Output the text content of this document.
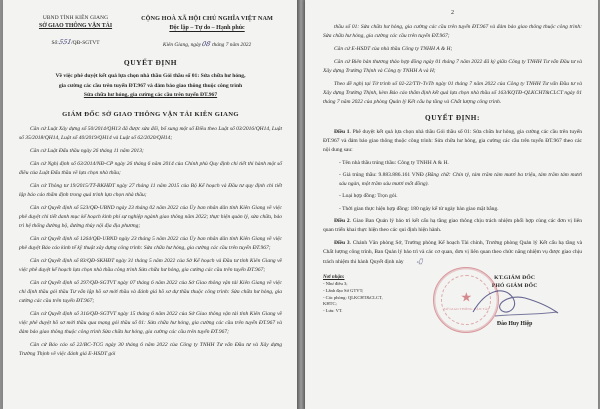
UBND TỈNH KIÊN GIANG
SỞ GIAO THÔNG VẬN TẢI
Số:551/QĐ-SGTVT
CỘNG HOÀ XÃ HỘI CHỦ NGHĨA VIỆT NAM
Độc lập – Tự do – Hạnh phúc
Kiên Giang, ngày 08 tháng 7 năm 2022
QUYẾT ĐỊNH
Về việc phê duyệt kết quả lựa chọn nhà thầu Gói thầu số 01: Sửa chữa hư hỏng,
gia cường các cầu trên tuyến ĐT.967 và đảm bảo giao thông thuộc công trình
Sửa chữa hư hỏng, gia cường các cầu trên tuyến ĐT.967
GIÁM ĐỐC SỞ GIAO THÔNG VẬN TẢI KIÊN GIANG

Căn cứ Luật Xây dựng số 50/2014/QH13 đã được sửa đổi, bổ sung một số Điều theo Luật số 03/2016/QH14, Luật số 35/2018/QH14, Luật số 40/2019/QH14 và Luật số 62/2020/QH14;

Căn cứ Luật Đấu thầu ngày 26 tháng 11 năm 2013;

Căn cứ Nghị định số 63/2014/NĐ-CP ngày 26 tháng 6 năm 2014 của Chính phủ Quy định chi tiết thi hành một số điều của Luật Đấu thầu về lựa chọn nhà thầu;

Căn cứ Thông tư 19/2015/TT-BKHĐT ngày 27 tháng 11 năm 2015 của Bộ Kế hoạch và Đầu tư quy định chi tiết lập báo cáo thẩm định trong quá trình lựa chọn nhà thầu;

Căn cứ Quyết định số 523/QĐ-UBND ngày 23 tháng 02 năm 2022 của Ủy ban nhân dân tỉnh Kiên Giang về việc phê duyệt chi tiết danh mục kế hoạch kinh phí sự nghiệp ngành giao thông năm 2022; thực hiện quản lý, sửa chữa, bảo trì hệ thống đường bộ, đường thủy nội địa địa phương;

Căn cứ Quyết định số 1264/QĐ-UBND ngày 23 tháng 5 năm 2022 của Ủy ban nhân dân tỉnh Kiên Giang về việc phê duyệt Báo cáo kinh tế kỹ thuật xây dựng công trình: Sửa chữa hư hỏng, gia cường các cầu trên tuyến ĐT.967;

Căn cứ Quyết định số 83/QĐ-SKHĐT ngày 31 tháng 5 năm 2022 của Sở Kế hoạch và Đầu tư tỉnh Kiên Giang về việc phê duyệt kế hoạch lựa chọn nhà thầu công trình Sửa chữa hư hỏng, gia cường các cầu trên tuyến ĐT.967;

Căn cứ Quyết định số 297/QĐ-SGTVT ngày 07 tháng 6 năm 2022 của Sở Giao thông vận tải Kiên Giang về việc chỉ định thầu gói thầu Tư vấn lập hồ sơ mời thầu và đánh giá hồ sơ dự thầu thuộc công trình: Sửa chữa hư hỏng, gia cường các cầu trên tuyến ĐT.967;

Căn cứ Quyết định số 316/QĐ-SGTVT ngày 15 tháng 6 năm 2022 của Sở Giao thông vận tải tỉnh Kiên Giang về việc phê duyệt hồ sơ mời thầu qua mạng gói thầu số 01: Sửa chữa hư hỏng, gia cường các cầu trên tuyến ĐT.967 và đảm bảo giao thông thuộc công trình Sửa chữa hư hỏng, gia cường các cầu trên tuyến ĐT.967;

Căn cứ Báo cáo số 22/BC-TCG ngày 30 tháng 6 năm 2022 của Công ty TNHH Tư vấn Đầu tư và Xây dựng Trường Thịnh về việc đánh giá E-HSDT gói

2

thầu số 01: Sửa chữa hư hỏng, gia cường các cầu trên tuyến ĐT.967 và đảm bảo giao thông thuộc công trình: Sửa chữa hư hỏng, gia cường các cầu trên tuyến ĐT.967;

Căn cứ E-HSDT của nhà thầu Công ty TNHH A & H;

Căn cứ Biên bản thương thảo hợp đồng ngày 01 tháng 7 năm 2022 đã ký giữa Công ty TNHH Tư vấn Đầu tư và Xây dựng Trường Thịnh và Công ty TNHH A và H;

Theo đề nghị tại Tờ trình số 02-22/TTr-TvTb ngày 01 tháng 7 năm 2022 của Công ty TNHH Tư vấn Đầu tư và Xây dựng Trường Thịnh, kèm Báo cáo thẩm định kết quả lựa chọn nhà thầu số 163/KQTĐ-QLKCHT&CLCT ngày 01 tháng 7 năm 2022 của phòng Quản lý Kết cấu hạ tầng và Chất lượng công trình.

QUYẾT ĐỊNH:

Điều 1. Phê duyệt kết quả lựa chọn nhà thầu Gói thầu số 01: Sửa chữa hư hỏng, gia cường các cầu trên tuyến ĐT.967 và đảm bảo giao thông thuộc công trình: Sửa chữa hư hỏng, gia cường các cầu trên tuyến ĐT.967 theo các nội dung sau:

- Tên nhà thầu trúng thầu: Công ty TNHH A & H.
- Giá trúng thầu: 9.883.886.161 VNĐ (Bằng chữ: Chín tỷ, tám trăm tám mươi ba triệu, tám trăm tám mươi sáu ngàn, một trăm sáu mươi mốt đồng).
- Loại hợp đồng: Trọn gói.
- Thời gian thực hiện hợp đồng: 180 ngày kể từ ngày bàn giao mặt bằng.

Điều 2. Giao Ban Quản lý bảo trì kết cấu hạ tầng giao thông chịu trách nhiệm phối hợp cùng các đơn vị liên quan triển khai thực hiện theo các qui định hiện hành.

Điều 3. Chánh Văn phòng Sở, Trưởng phòng Kế hoạch Tài chính, Trưởng phòng Quản lý Kết cấu hạ tầng và Chất lượng công trình, Ban Quản lý bảo trì và các cơ quan, đơn vị liên quan theo chức năng nhiệm vụ được giao chịu trách nhiệm thi hành Quyết định này ₓ⃗

Nơi nhận:
- Như điều 3;
- Lãnh đạo Sở GTVT;
- Các phòng: QLKCHT&CLCT,
KHTC;
- Lưu: VT.
★
SỞ GIAO THÔNG VẬN TẢI
KT.GIÁM ĐỐC
PHÓ GIÁM ĐỐC
Đào Huy Hiệp
